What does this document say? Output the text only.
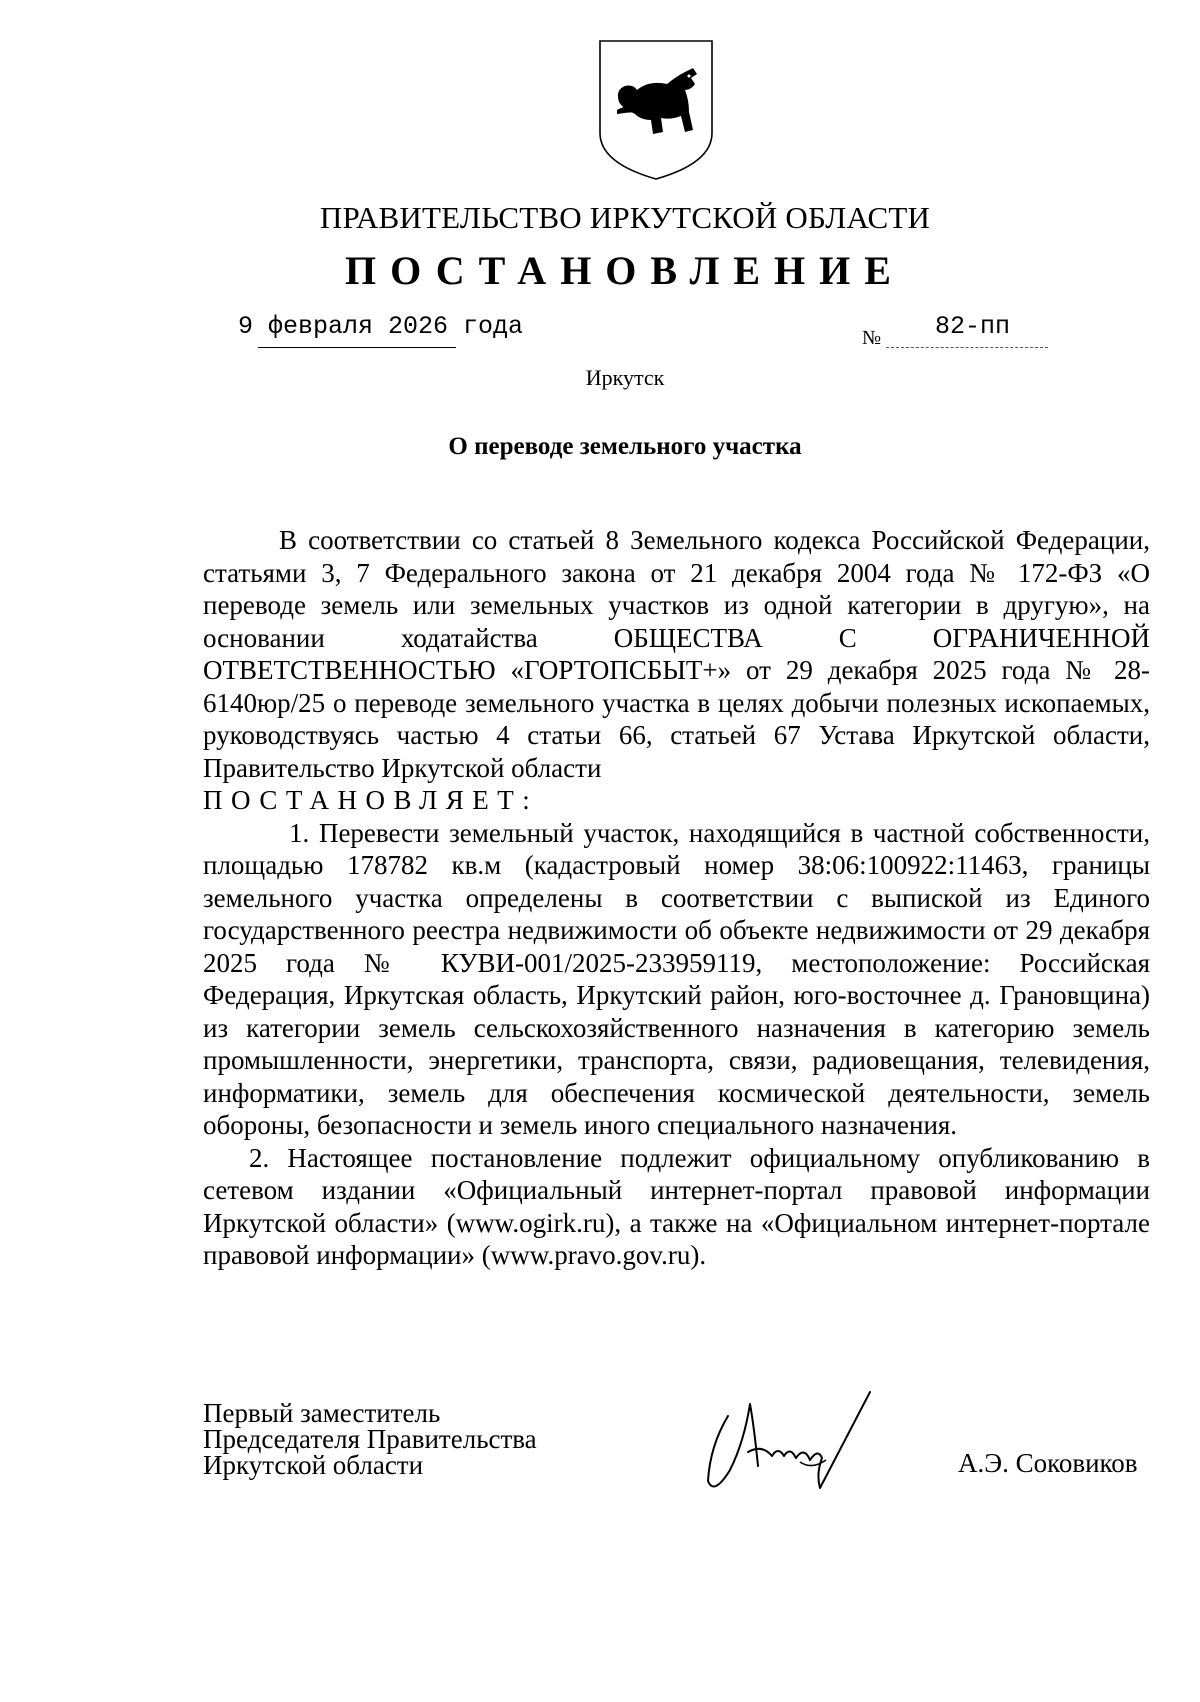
ПРАВИТЕЛЬСТВО ИРКУТСКОЙ ОБЛАСТИ
ПОСТАНОВЛЕНИЕ
9 февраля 2026 года	№ 82-пп
Иркутск
О переводе земельного участка

В соответствии со статьей 8 Земельного кодекса Российской Федерации, статьями 3, 7 Федерального закона от 21 декабря 2004 года № 172-ФЗ «О переводе земель или земельных участков из одной категории в другую», на основании ходатайства ОБЩЕСТВА С ОГРАНИЧЕННОЙ ОТВЕТСТВЕННОСТЬЮ «ГОРТОПСБЫТ+» от 29 декабря 2025 года № 28-6140юр/25 о переводе земельного участка в целях добычи полезных ископаемых, руководствуясь частью 4 статьи 66, статьей 67 Устава Иркутской области, Правительство Иркутской области

ПОСТАНОВЛЯЕТ:

1. Перевести земельный участок, находящийся в частной собственности, площадью 178782 кв.м (кадастровый номер 38:06:100922:11463, границы земельного участка определены в соответствии с выпиской из Единого государственного реестра недвижимости об объекте недвижимости от 29 декабря 2025 года № КУВИ-001/2025-233959119, местоположение: Российская Федерация, Иркутская область, Иркутский район, юго-восточнее д. Грановщина) из категории земель сельскохозяйственного назначения в категорию земель промышленности, энергетики, транспорта, связи, радиовещания, телевидения, информатики, земель для обеспечения космической деятельности, земель обороны, безопасности и земель иного специального назначения.

2. Настоящее постановление подлежит официальному опубликованию в сетевом издании «Официальный интернет-портал правовой информации Иркутской области» (www.ogirk.ru), а также на «Официальном интернет-портале правовой информации» (www.pravo.gov.ru).

Первый заместитель
Председателя Правительства
Иркутской области	А.Э. Соковиков
